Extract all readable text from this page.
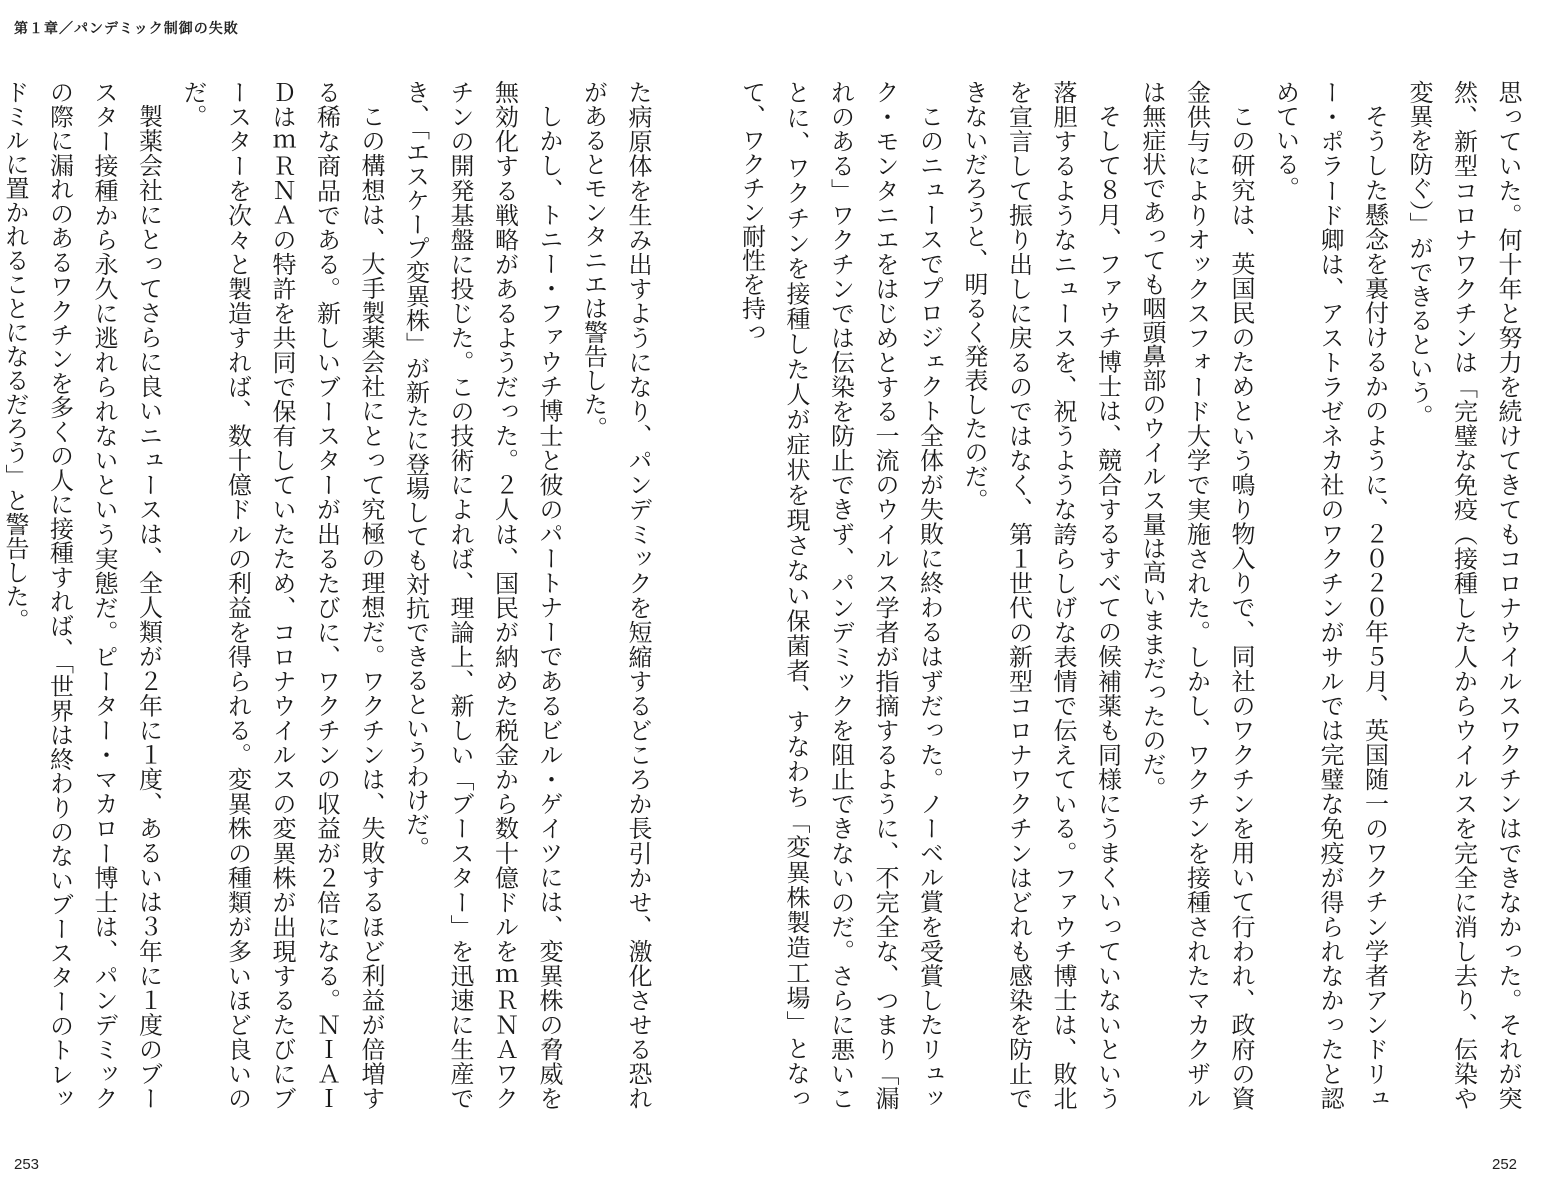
第１章／パンデミック制御の失敗

思っていた。何十年と努力を続けてきてもコロナウイルスワクチンはできなかった。それが突然、新型コロナワクチンは「完璧な免疫（接種した人からウイルスを完全に消し去り、伝染や変異を防ぐ）」ができるという。

そうした懸念を裏付けるかのように、２０２０年５月、英国随一のワクチン学者アンドリュー・ポラード卿は、アストラゼネカ社のワクチンがサルでは完璧な免疫が得られなかったと認めている。

この研究は、英国民のためという鳴り物入りで、同社のワクチンを用いて行われ、政府の資金供与によりオックスフォード大学で実施された。しかし、ワクチンを接種されたマカクザルは無症状であっても咽頭鼻部のウイルス量は高いままだったのだ。

そして８月、ファウチ博士は、競合するすべての候補薬も同様にうまくいっていないという落胆するようなニュースを、祝うような誇らしげな表情で伝えている。ファウチ博士は、敗北を宣言して振り出しに戻るのではなく、第１世代の新型コロナワクチンはどれも感染を防止できないだろうと、明るく発表したのだ。

このニュースでプロジェクト全体が失敗に終わるはずだった。ノーベル賞を受賞したリュック・モンタニエをはじめとする一流のウイルス学者が指摘するように、不完全な、つまり「漏れのある」ワクチンでは伝染を防止できず、パンデミックを阻止できないのだ。さらに悪いことに、ワクチンを接種した人が症状を現さない保菌者、すなわち「変異株製造工場」となって、ワクチン耐性を持っ

た病原体を生み出すようになり、パンデミックを短縮するどころか長引かせ、激化させる恐れがあるとモンタニエは警告した。

しかし、トニー・ファウチ博士と彼のパートナーであるビル・ゲイツには、変異株の脅威を無効化する戦略があるようだった。２人は、国民が納めた税金から数十億ドルをｍＲＮＡワクチンの開発基盤に投じた。この技術によれば、理論上、新しい「ブースター」を迅速に生産でき、「エスケープ変異株」が新たに登場しても対抗できるというわけだ。

この構想は、大手製薬会社にとって究極の理想だ。ワクチンは、失敗するほど利益が倍増する稀な商品である。新しいブースターが出るたびに、ワクチンの収益が２倍になる。ＮＩＡＩＤはｍＲＮＡの特許を共同で保有していたため、コロナウイルスの変異株が出現するたびにブースターを次々と製造すれば、数十億ドルの利益を得られる。変異株の種類が多いほど良いのだ。

製薬会社にとってさらに良いニュースは、全人類が２年に１度、あるいは３年に１度のブースター接種から永久に逃れられないという実態だ。ピーター・マカロー博士は、パンデミックの際に漏れのあるワクチンを多くの人に接種すれば、「世界は終わりのないブースターのトレッドミルに置かれることになるだろう」と警告した。

253	252
